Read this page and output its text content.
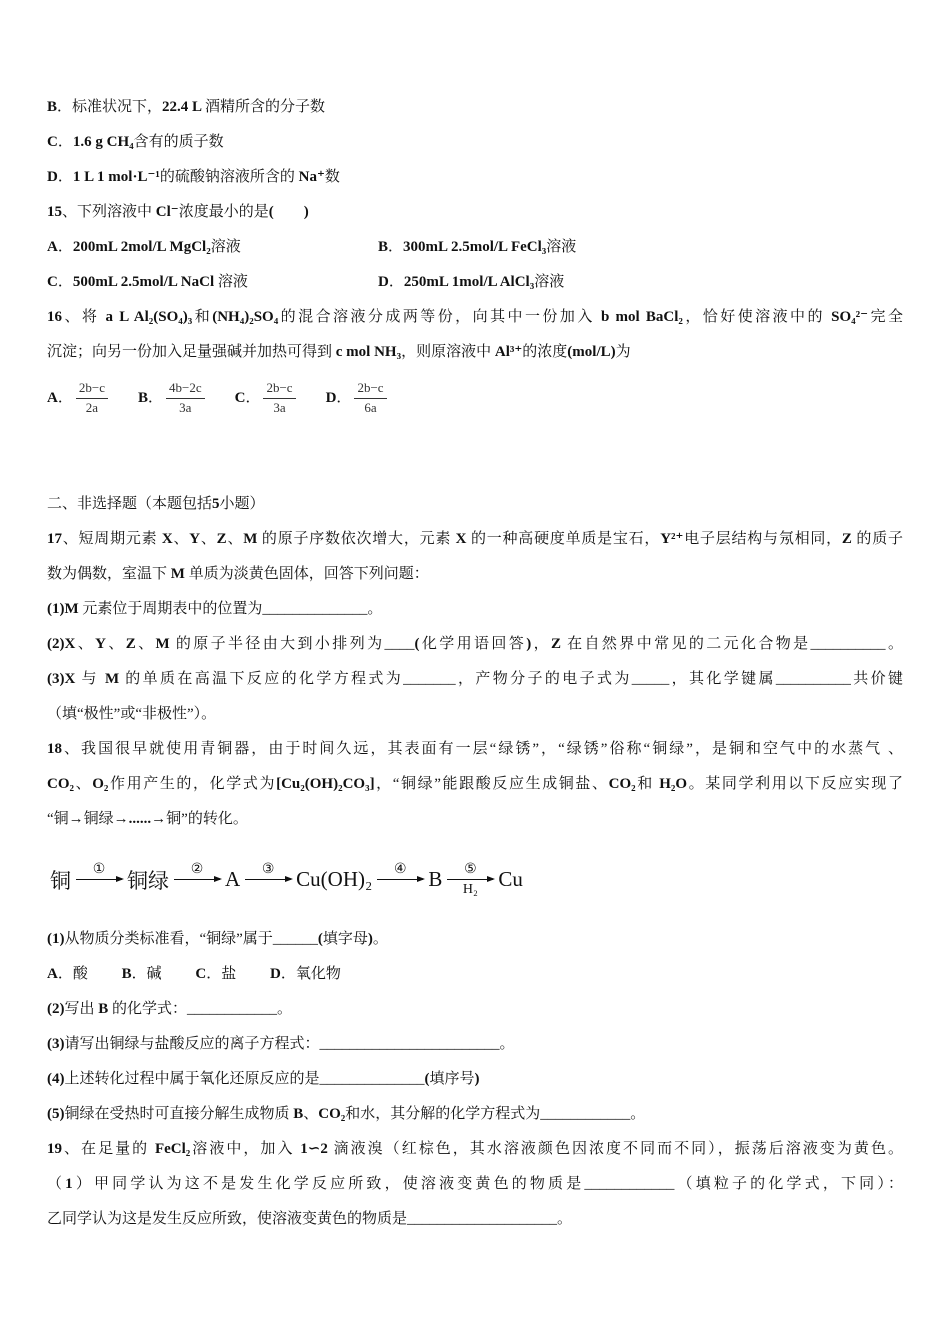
B．标准状况下，22.4 L 酒精所含的分子数
C．1.6 g CH₄含有的质子数
D．1 L 1 mol·L⁻¹的硫酸钠溶液所含的 Na⁺数
15、下列溶液中 Cl⁻浓度最小的是(　　 )
A．200mL 2mol/L MgCl₂溶液	B．300mL 2.5mol/L FeCl₃溶液
C．500mL 2.5mol/L NaCl 溶液	D．250mL 1mol/L AlCl₃溶液
16、将 a L Al₂(SO₄)₃和(NH₄)₂SO₄的混合溶液分成两等份，向其中一份加入 b mol BaCl₂，恰好使溶液中的 SO₄²⁻完全
沉淀；向另一份加入足量强碱并加热可得到 c mol NH₃，则原溶液中 Al³⁺的浓度(mol/L)为
A． $\frac{2b-c}{2a}$ B． $\frac{4b-2c}{3a}$ C． $\frac{2b-c}{3a}$ D． $\frac{2b-c}{6a}$
二、非选择题（本题包括5小题）
17、短周期元素 X、Y、Z、M 的原子序数依次增大，元素 X 的一种高硬度单质是宝石，Y²⁺电子层结构与氖相同，Z 的质子
数为偶数，室温下 M 单质为淡黄色固体，回答下列问题：
(1)M 元素位于周期表中的位置为______________。
(2)X、Y、Z、M 的原子半径由大到小排列为____(化学用语回答)，Z 在自然界中常见的二元化合物是__________。
(3)X 与 M 的单质在高温下反应的化学方程式为_______，产物分子的电子式为_____，其化学键属__________共价键
（填“极性”或“非极性”）。
18、我国很早就使用青铜器，由于时间久远，其表面有一层“绿锈”，“绿锈”俗称“铜绿”，是铜和空气中的水蒸气 、
CO₂、O₂作用产生的，化学式为[Cu₂(OH)₂CO₃]，“铜绿”能跟酸反应生成铜盐、CO₂和 H₂O。某同学利用以下反应实现了
“铜→铜绿→......→铜”的转化。
铜 ① 铜绿 ② A ③ Cu(OH)₂ ④ B ⑤
H₂ Cu
(1)从物质分类标准看，“铜绿”属于______(填字母)。
A．酸　　 B．碱　　 C．盐　　 D．氧化物
(2)写出 B 的化学式：____________。
(3)请写出铜绿与盐酸反应的离子方程式：________________________。
(4)上述转化过程中属于氧化还原反应的是______________(填序号)
(5)铜绿在受热时可直接分解生成物质 B、CO₂和水，其分解的化学方程式为____________。
19、在足量的 FeCl₂溶液中，加入 1∽2 滴液溴（红棕色，其水溶液颜色因浓度不同而不同），振荡后溶液变为黄色。
（1）甲同学认为这不是发生化学反应所致，使溶液变黄色的物质是____________（填粒子的化学式，下同）：
乙同学认为这是发生反应所致，使溶液变黄色的物质是____________________。
